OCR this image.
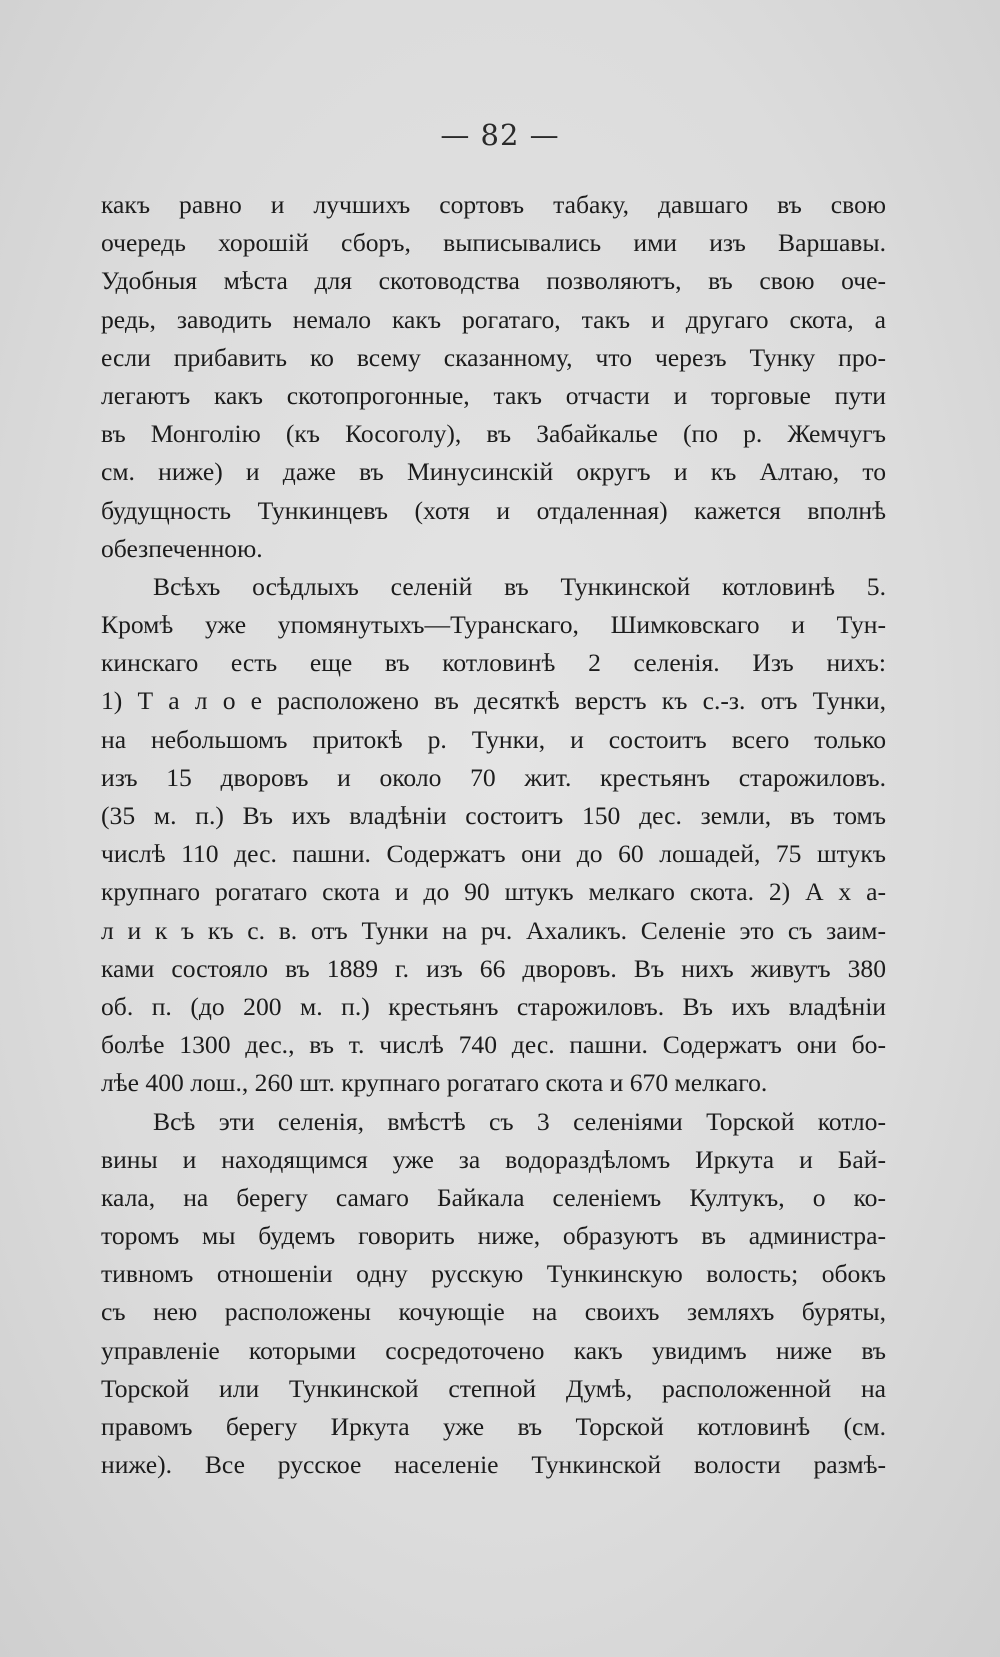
— 82 —
какъ равно и лучшихъ сортовъ табаку, давшаго въ свою
очередь хорошій сборъ, выписывались ими изъ Варшавы.
Удобныя мѣста для скотоводства позволяютъ, въ свою оче-
редь, заводить немало какъ рогатаго, такъ и другаго скота, а
если прибавить ко всему сказанному, что черезъ Тунку про-
легаютъ какъ скотопрогонные, такъ отчасти и торговые пути
въ Монголію (къ Косоголу), въ Забайкалье (по р. Жемчугъ
см. ниже) и даже въ Минусинскій округъ и къ Алтаю, то
будущность Тункинцевъ (хотя и отдаленная) кажется вполнѣ
обезпеченною.
Всѣхъ осѣдлыхъ селеній въ Тункинской котловинѣ 5.
Кромѣ уже упомянутыхъ—Туранскаго, Шимковскаго и Тун-
кинскаго есть еще въ котловинѣ 2 селенія. Изъ нихъ:
1) Т а л о е расположено въ десяткѣ верстъ къ с.-з. отъ Тунки,
на небольшомъ притокѣ р. Тунки, и состоитъ всего только
изъ 15 дворовъ и около 70 жит. крестьянъ старожиловъ.
(35 м. п.) Въ ихъ владѣніи состоитъ 150 дес. земли, въ томъ
числѣ 110 дес. пашни. Содержатъ они до 60 лошадей, 75 штукъ
крупнаго рогатаго скота и до 90 штукъ мелкаго скота. 2) А х а-
л и к ъ къ с. в. отъ Тунки на рч. Ахаликъ. Селеніе это съ заим-
ками состояло въ 1889 г. изъ 66 дворовъ. Въ нихъ живутъ 380
об. п. (до 200 м. п.) крестьянъ старожиловъ. Въ ихъ владѣніи
болѣе 1300 дес., въ т. числѣ 740 дес. пашни. Содержатъ они бо-
лѣе 400 лош., 260 шт. крупнаго рогатаго скота и 670 мелкаго.
Всѣ эти селенія, вмѣстѣ съ 3 селеніями Торской котло-
вины и находящимся уже за водораздѣломъ Иркута и Бай-
кала, на берегу самаго Байкала селеніемъ Култукъ, о ко-
торомъ мы будемъ говорить ниже, образуютъ въ администра-
тивномъ отношеніи одну русскую Тункинскую волость; обокъ
съ нею расположены кочующіе на своихъ земляхъ буряты,
управленіе которыми сосредоточено какъ увидимъ ниже въ
Торской или Тункинской степной Думѣ, расположенной на
правомъ берегу Иркута уже въ Торской котловинѣ (см.
ниже). Все русское населеніе Тункинской волости размѣ-
